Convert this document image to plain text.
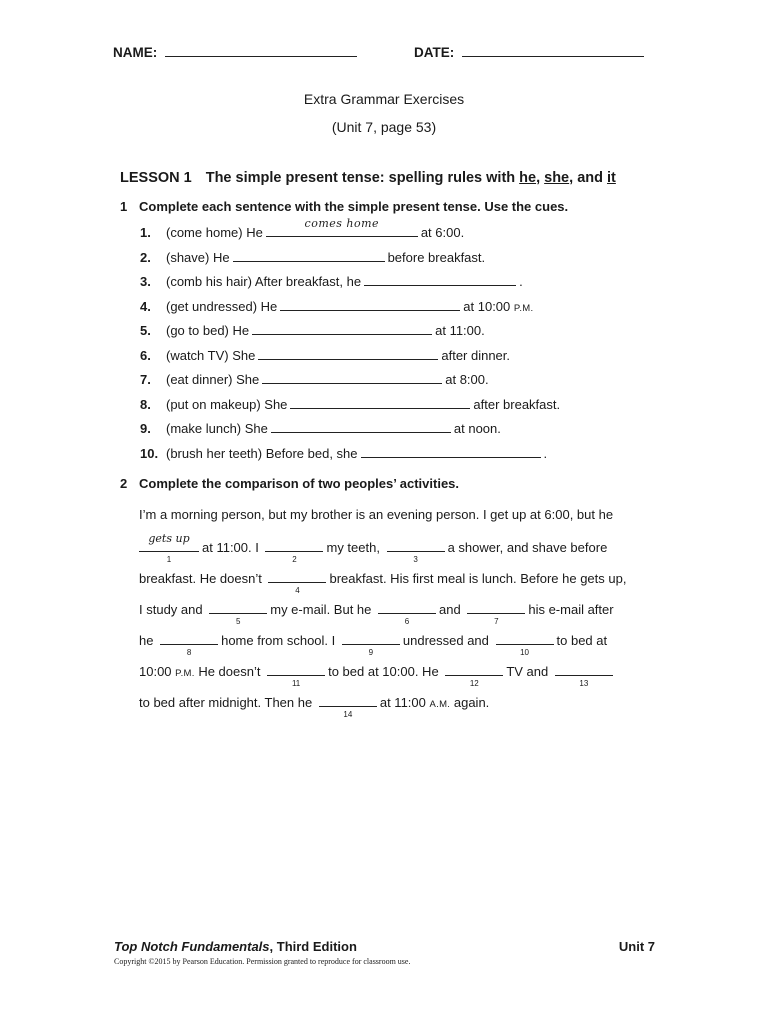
NAME:	DATE:
Extra Grammar Exercises
(Unit 7, page 53)
LESSON 1 The simple present tense: spelling rules with he, she, and it
1 Complete each sentence with the simple present tense. Use the cues.
1. (come home) He
comes home
at 6:00.
2. (shave) He	before breakfast.
3. (comb his hair) After breakfast, he	.
4. (get undressed) He	at 10:00 P.M.
5. (go to bed) He	at 11:00.
6. (watch TV) She	after dinner.
7. (eat dinner) She	at 8:00.
8. (put on makeup) She	after breakfast.
9. (make lunch) She	at noon.
10. (brush her teeth) Before bed, she	.
2 Complete the comparison of two peoples’ activities.
I’m a morning person, but my brother is an evening person. I get up at 6:00, but he
gets up
1
at 11:00. I
2
my teeth,
3
a shower, and shave before
breakfast. He doesn’t
4
breakfast. His first meal is lunch. Before he gets up,
I study and
5
my e-mail. But he
6
and
7
his e-mail after
he
8
home from school. I
9
undressed and
10
to bed at
10:00 P.M. He doesn’t
11
to bed at 10:00. He
12
TV and
13
to bed after midnight. Then he
14
at 11:00 A.M. again.
Top Notch Fundamentals, Third Edition	Unit 7
Copyright ©2015 by Pearson Education. Permission granted to reproduce for classroom use.
